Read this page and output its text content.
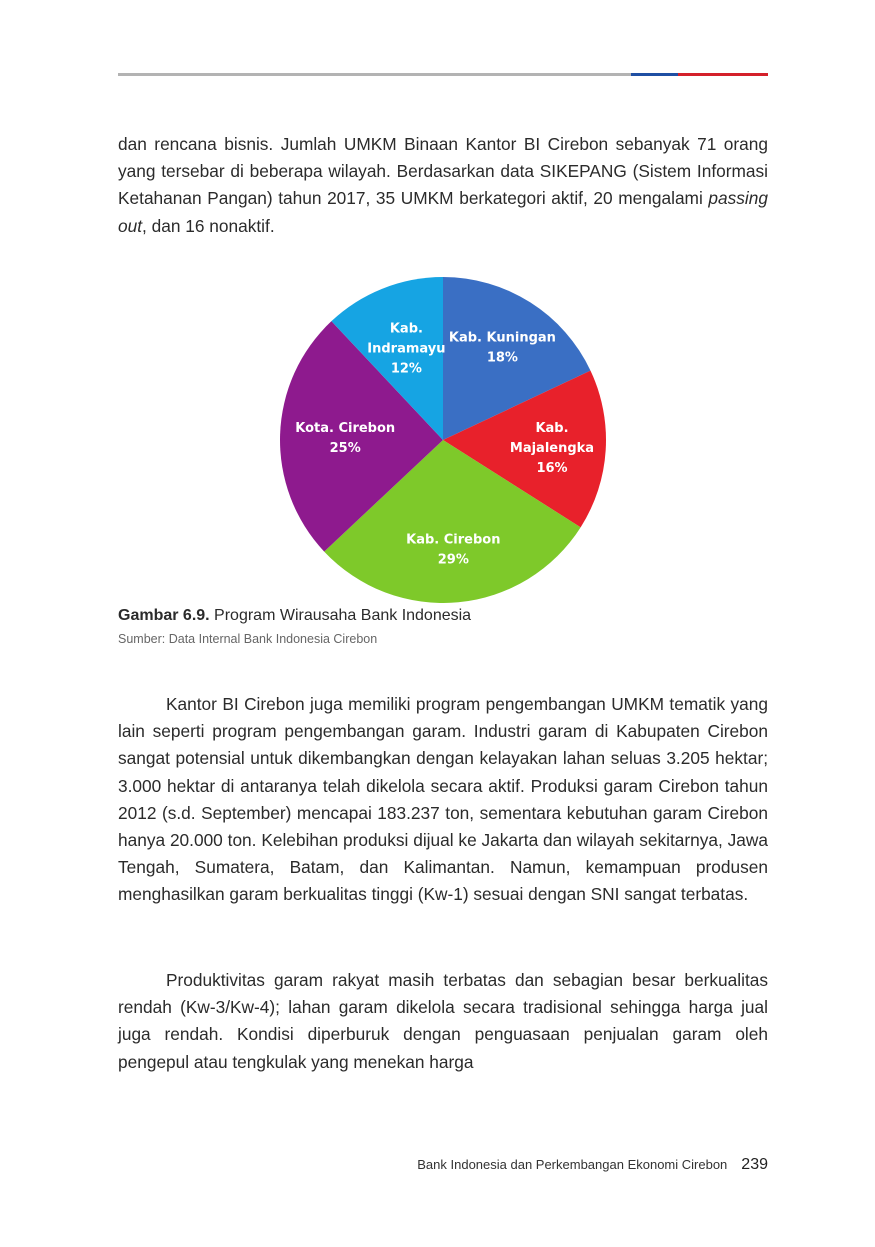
dan rencana bisnis. Jumlah UMKM Binaan Kantor BI Cirebon sebanyak 71 orang yang tersebar di beberapa wilayah. Berdasarkan data SIKEPANG (Sistem Informasi Ketahanan Pangan) tahun 2017, 35 UMKM berkategori aktif, 20 mengalami passing out, dan 16 nonaktif.

Kab. Kuningan 18%
Kab. Majalengka 16%
Kab. Cirebon 29%
Kota. Cirebon 25%
Kab. Indramayu 12%
Gambar 6.9. Program Wirausaha Bank Indonesia
Sumber: Data Internal Bank Indonesia Cirebon

Kantor BI Cirebon juga memiliki program pengembangan UMKM tematik yang lain seperti program pengembangan garam. Industri garam di Kabupaten Cirebon sangat potensial untuk dikembangkan dengan kelayakan lahan seluas 3.205 hektar; 3.000 hektar di antaranya telah dikelola secara aktif. Produksi garam Cirebon tahun 2012 (s.d. September) mencapai 183.237 ton, sementara kebutuhan garam Cirebon hanya 20.000 ton. Kelebihan produksi dijual ke Jakarta dan wilayah sekitarnya, Jawa Tengah, Sumatera, Batam, dan Kalimantan. Namun, kemampuan produsen menghasilkan garam berkualitas tinggi (Kw-1) sesuai dengan SNI sangat terbatas.

Produktivitas garam rakyat masih terbatas dan sebagian besar berkualitas rendah (Kw-3/Kw-4); lahan garam dikelola secara tradisional sehingga harga jual juga rendah. Kondisi diperburuk dengan penguasaan penjualan garam oleh pengepul atau tengkulak yang menekan harga

Bank Indonesia dan Perkembangan Ekonomi Cirebon 239
